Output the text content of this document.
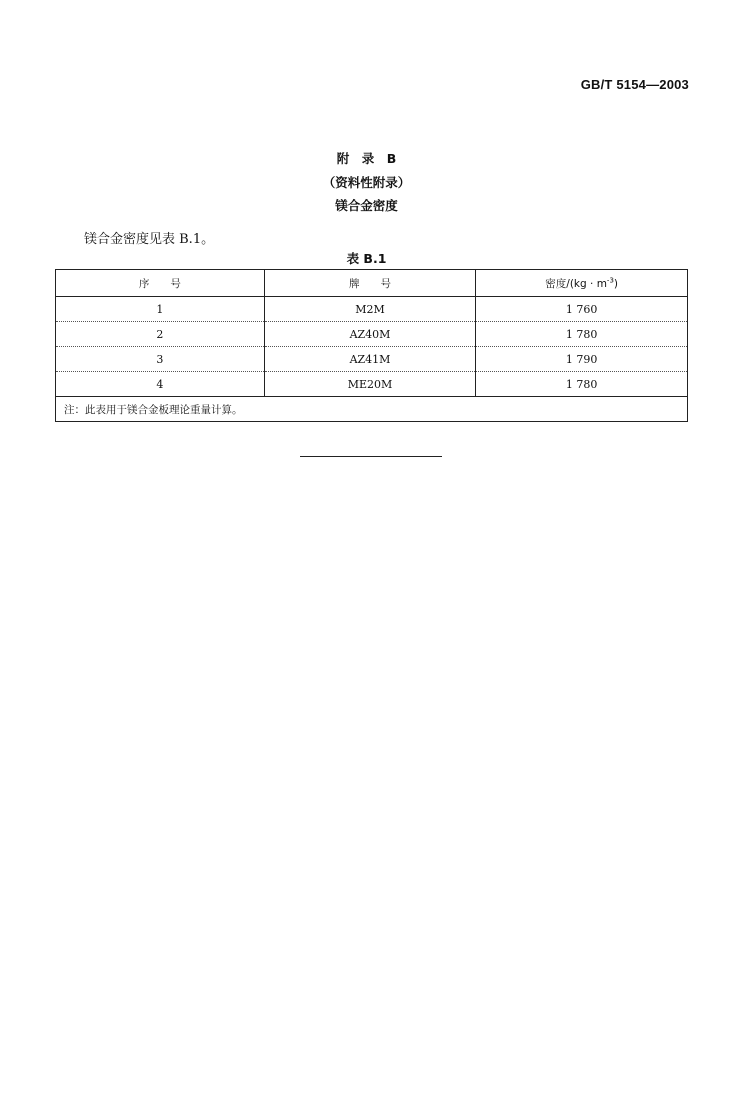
GB/T 5154—2003
附　录　B
（资料性附录）
镁合金密度
镁合金密度见表 B.1。
表 B.1
序　　号	牌　　号	密度$/(kg \cdot m^{-3})$
1	M2M	1 760
2	AZ40M	1 780
3	AZ41M	1 790
4	ME20M	1 780
注：此表用于镁合金板理论重量计算。		
